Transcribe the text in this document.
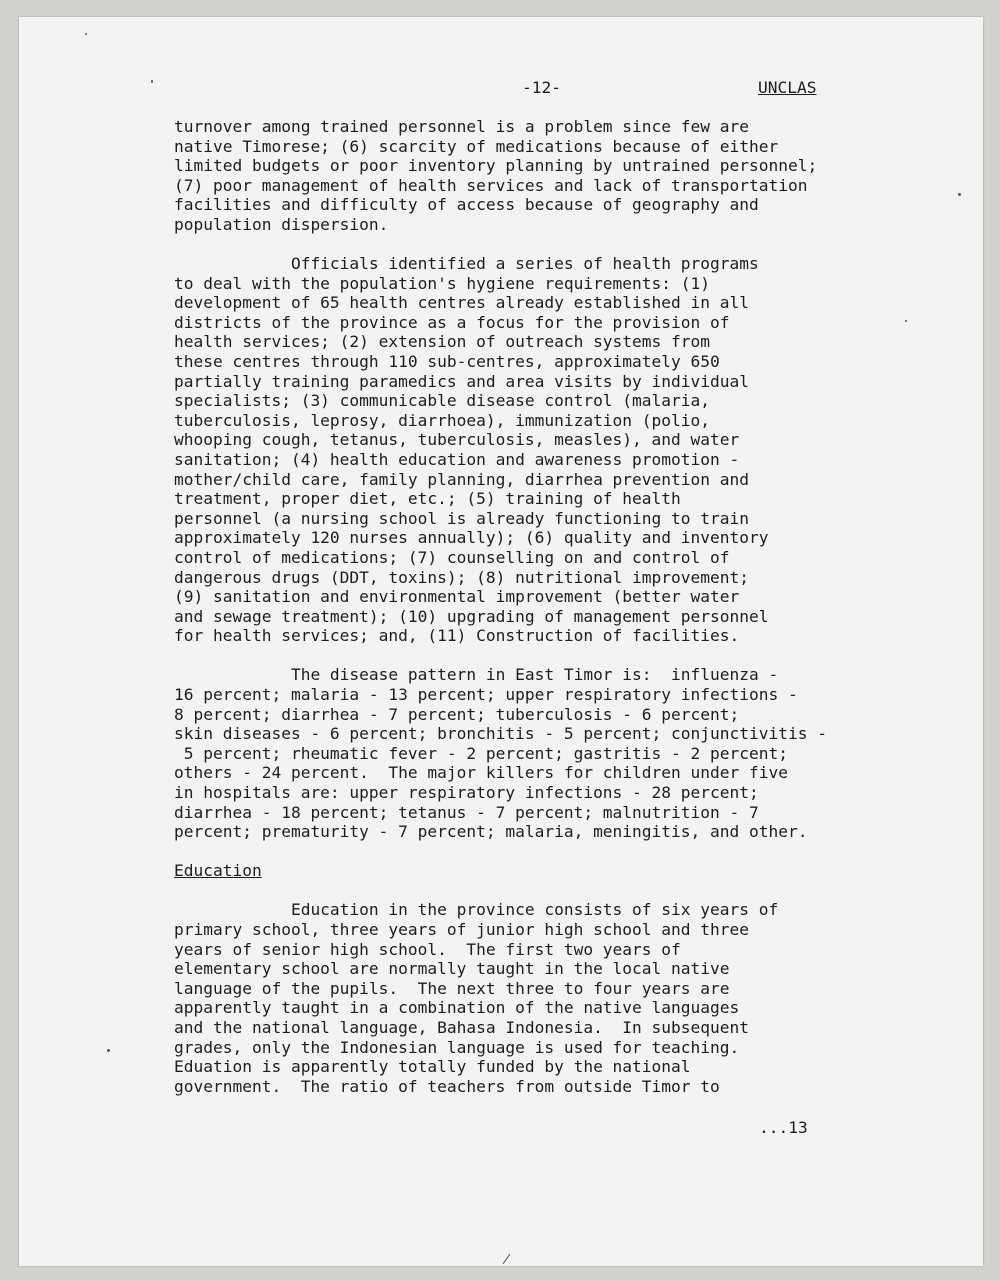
-12-	UNCLAS
turnover among trained personnel is a problem since few are
native Timorese; (6) scarcity of medications because of either
limited budgets or poor inventory planning by untrained personnel;
(7) poor management of health services and lack of transportation
facilities and difficulty of access because of geography and
population dispersion.
Officials identified a series of health programs
to deal with the population's hygiene requirements: (1)
development of 65 health centres already established in all
districts of the province as a focus for the provision of
health services; (2) extension of outreach systems from
these centres through 110 sub-centres, approximately 650
partially training paramedics and area visits by individual
specialists; (3) communicable disease control (malaria,
tuberculosis, leprosy, diarrhoea), immunization (polio,
whooping cough, tetanus, tuberculosis, measles), and water
sanitation; (4) health education and awareness promotion -
mother/child care, family planning, diarrhea prevention and
treatment, proper diet, etc.; (5) training of health
personnel (a nursing school is already functioning to train
approximately 120 nurses annually); (6) quality and inventory
control of medications; (7) counselling on and control of
dangerous drugs (DDT, toxins); (8) nutritional improvement;
(9) sanitation and environmental improvement (better water
and sewage treatment); (10) upgrading of management personnel
for health services; and, (11) Construction of facilities.
The disease pattern in East Timor is:  influenza -
16 percent; malaria - 13 percent; upper respiratory infections -
8 percent; diarrhea - 7 percent; tuberculosis - 6 percent;
skin diseases - 6 percent; bronchitis - 5 percent; conjunctivitis -
5 percent; rheumatic fever - 2 percent; gastritis - 2 percent;
others - 24 percent.  The major killers for children under five
in hospitals are: upper respiratory infections - 28 percent;
diarrhea - 18 percent; tetanus - 7 percent; malnutrition - 7
percent; prematurity - 7 percent; malaria, meningitis, and other.
Education
Education in the province consists of six years of
primary school, three years of junior high school and three
years of senior high school.  The first two years of
elementary school are normally taught in the local native
language of the pupils.  The next three to four years are
apparently taught in a combination of the native languages
and the national language, Bahasa Indonesia.  In subsequent
grades, only the Indonesian language is used for teaching.
Eduation is apparently totally funded by the national
government.  The ratio of teachers from outside Timor to
...13
